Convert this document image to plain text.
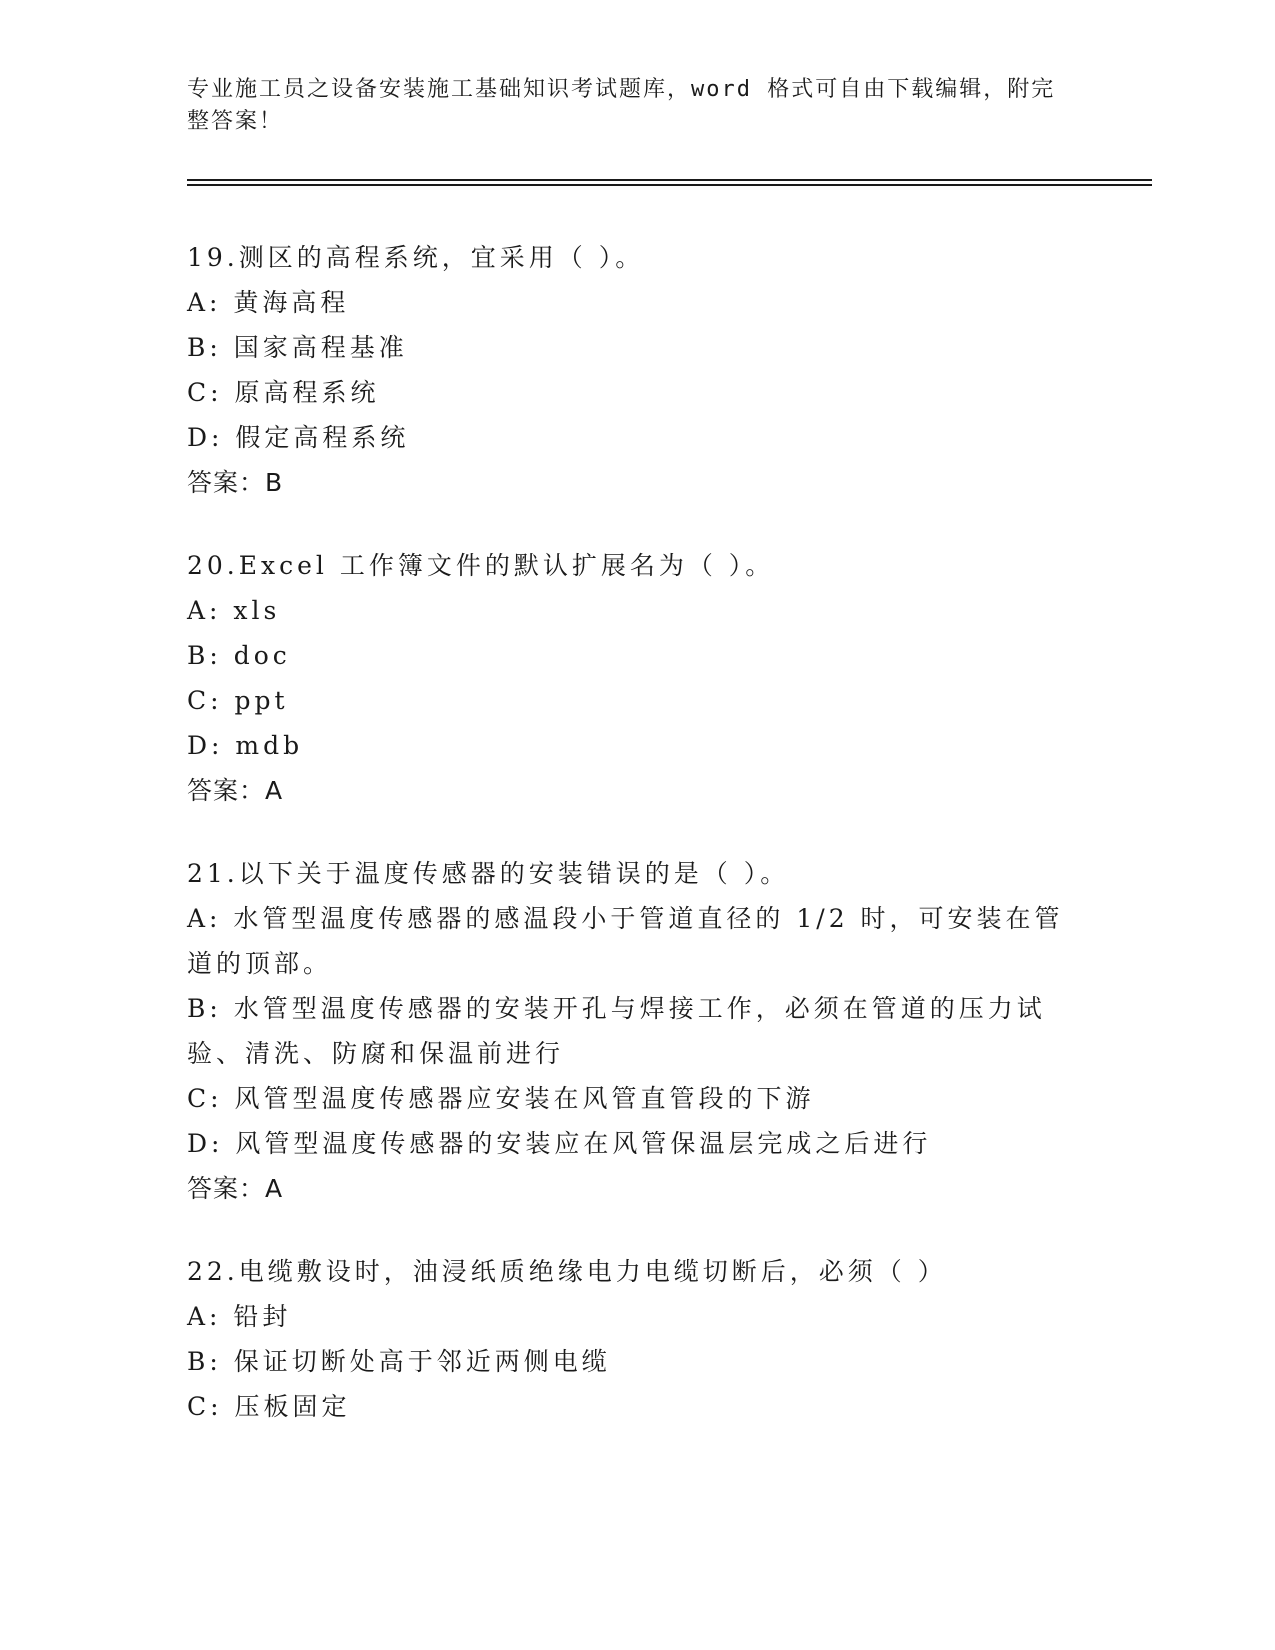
专业施工员之设备安装施工基础知识考试题库，word 格式可自由下载编辑，附完整答案！
19.测区的高程系统，宜采用（ ）。
A: 黄海高程
B: 国家高程基准
C: 原高程系统
D: 假定高程系统
答案：B
20.Excel 工作簿文件的默认扩展名为（ ）。
A: xls
B: doc
C: ppt
D: mdb
答案：A
21.以下关于温度传感器的安装错误的是（ ）。
A: 水管型温度传感器的感温段小于管道直径的 1/2 时，可安装在管道的顶部。
B: 水管型温度传感器的安装开孔与焊接工作，必须在管道的压力试验、清洗、防腐和保温前进行
C: 风管型温度传感器应安装在风管直管段的下游
D: 风管型温度传感器的安装应在风管保温层完成之后进行
答案：A
22.电缆敷设时，油浸纸质绝缘电力电缆切断后，必须（ ）
A: 铅封
B: 保证切断处高于邻近两侧电缆
C: 压板固定
